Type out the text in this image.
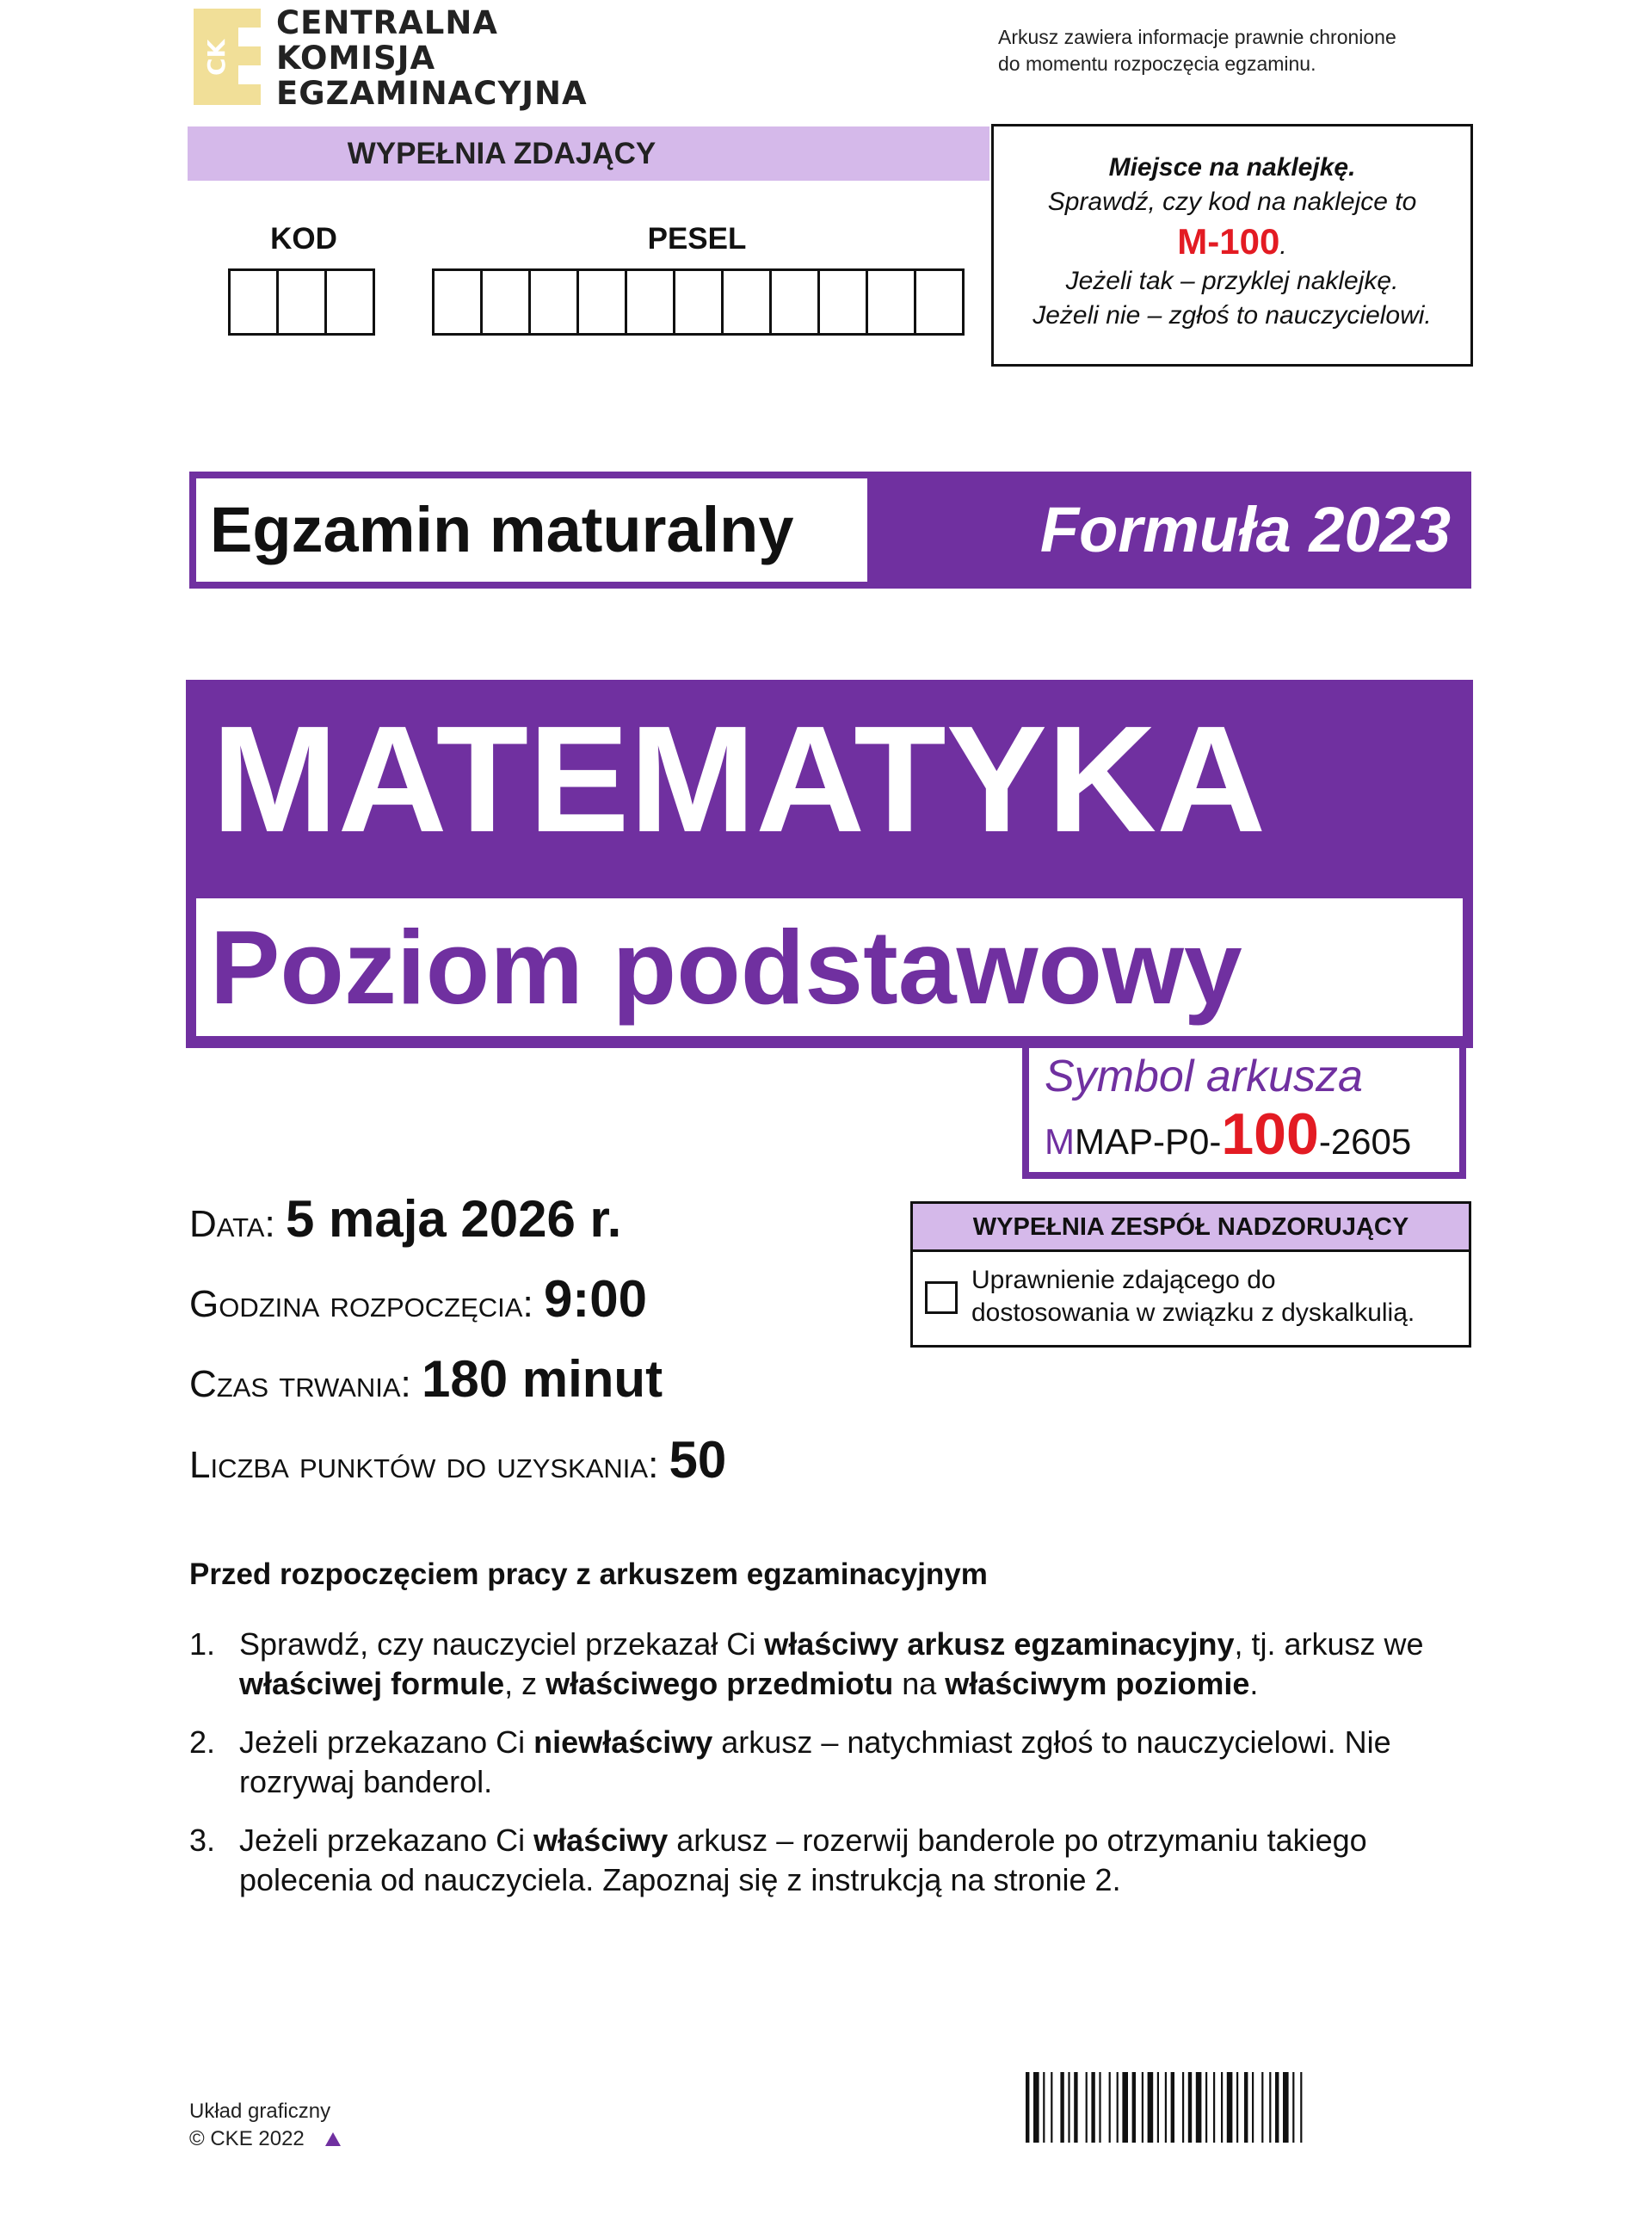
CK
CENTRALNA
KOMISJA
EGZAMINACYJNA
Arkusz zawiera informacje prawnie chronione
do momentu rozpoczęcia egzaminu.
WYPEŁNIA ZDAJĄCY
KOD	PESEL
Miejsce na naklejkę.
Sprawdź, czy kod na naklejce to
M-100.
Jeżeli tak – przyklej naklejkę.
Jeżeli nie – zgłoś to nauczycielowi.
Egzamin maturalny	Formuła 2023
MATEMATYKA
Poziom podstawowy
Symbol arkusza
MMAP-P0-100-2605
Data: 5 maja 2026 r.
Godzina rozpoczęcia: 9:00
Czas trwania: 180 minut
Liczba punktów do uzyskania: 50
WYPEŁNIA ZESPÓŁ NADZORUJĄCY
Uprawnienie zdającego do
dostosowania w związku z dyskalkulią.
Przed rozpoczęciem pracy z arkuszem egzaminacyjnym
1. Sprawdź, czy nauczyciel przekazał Ci właściwy arkusz egzaminacyjny, tj. arkusz we właściwej formule, z właściwego przedmiotu na właściwym poziomie.
2. Jeżeli przekazano Ci niewłaściwy arkusz – natychmiast zgłoś to nauczycielowi. Nie rozrywaj banderol.
3. Jeżeli przekazano Ci właściwy arkusz – rozerwij banderole po otrzymaniu takiego polecenia od nauczyciela. Zapoznaj się z instrukcją na stronie 2.
Układ graficzny
© CKE 2022
